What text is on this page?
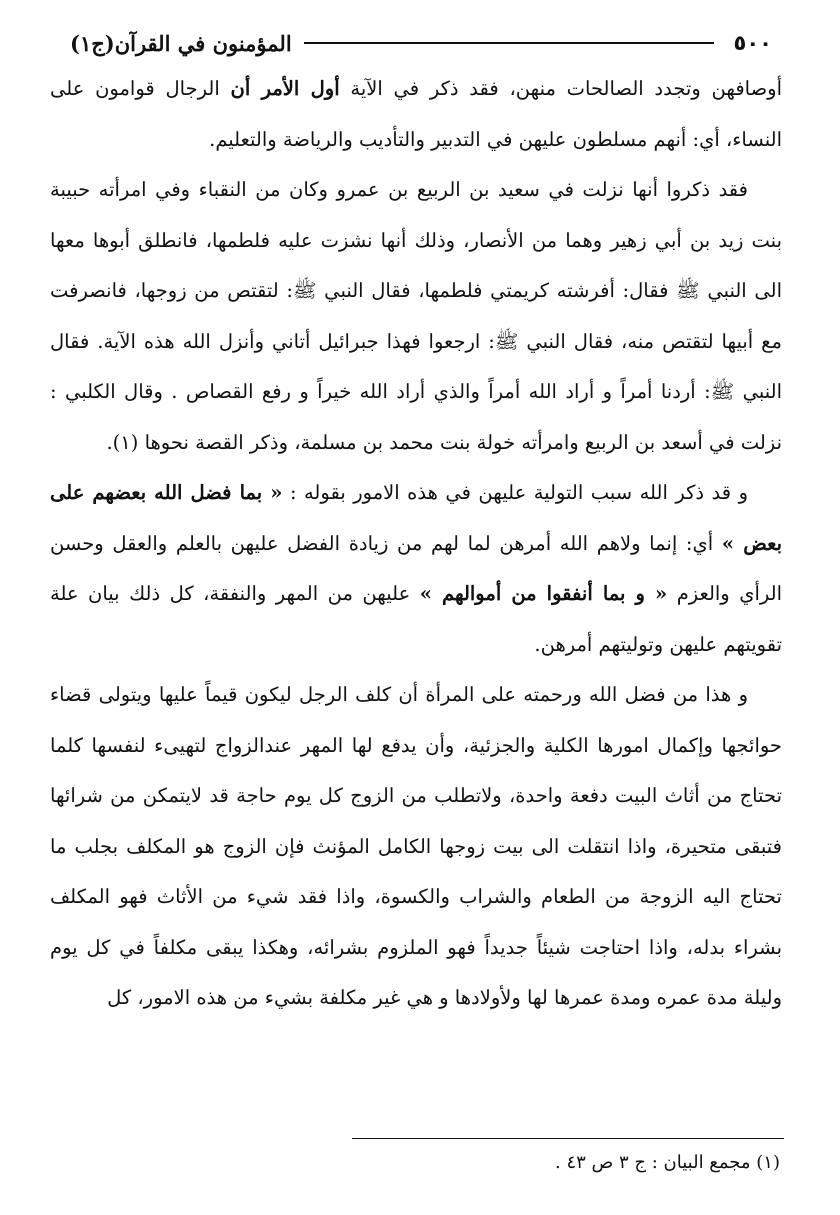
٥٠٠
المؤمنون في القرآن(ج١)

أوصافهن وتجدد الصالحات منهن، فقد ذكر في الآية أول الأمر أن الرجال قوامون على النساء، أي: أنهم مسلطون عليهن في التدبير والتأديب والرياضة والتعليم.

فقد ذكروا أنها نزلت في سعيد بن الربيع بن عمرو وكان من النقباء وفي امرأته حبيبة بنت زيد بن أبي زهير وهما من الأنصار، وذلك أنها نشزت عليه فلطمها، فانطلق أبوها معها الى النبي ﷺ فقال: أفرشته كريمتي فلطمها، فقال النبي ﷺ: لتقتص من زوجها، فانصرفت مع أبيها لتقتص منه، فقال النبي ﷺ: ارجعوا فهذا جبرائيل أتاني وأنزل الله هذه الآية. فقال النبي ﷺ: أردنا أمراً و أراد الله أمراً والذي أراد الله خيراً و رفع القصاص . وقال الكلبي : نزلت في أسعد بن الربيع وامرأته خولة بنت محمد بن مسلمة، وذكر القصة نحوها (١).

و قد ذكر الله سبب التولية عليهن في هذه الامور بقوله : « بما فضل الله بعضهم على بعض » أي: إنما ولاهم الله أمرهن لما لهم من زيادة الفضل عليهن بالعلم والعقل وحسن الرأي والعزم « و بما أنفقوا من أموالهم » عليهن من المهر والنفقة، كل ذلك بيان علة تقويتهم عليهن وتوليتهم أمرهن.

و هذا من فضل الله ورحمته على المرأة أن كلف الرجل ليكون قيماً عليها ويتولى قضاء حوائجها وإكمال امورها الكلية والجزئية، وأن يدفع لها المهر عندالزواج لتهيىء لنفسها كلما تحتاج من أثاث البيت دفعة واحدة، ولاتطلب من الزوج كل يوم حاجة قد لايتمكن من شرائها فتبقى متحيرة، واذا انتقلت الى بيت زوجها الكامل المؤنث فإن الزوج هو المكلف بجلب ما تحتاج اليه الزوجة من الطعام والشراب والكسوة، واذا فقد شيء من الأثاث فهو المكلف بشراء بدله، واذا احتاجت شيئاً جديداً فهو الملزوم بشرائه، وهكذا يبقى مكلفاً في كل يوم وليلة مدة عمره ومدة عمرها لها ولأولادها و هي غير مكلفة بشيء من هذه الامور، كل

(١) مجمع البيان : ج ٣ ص ٤٣ .
